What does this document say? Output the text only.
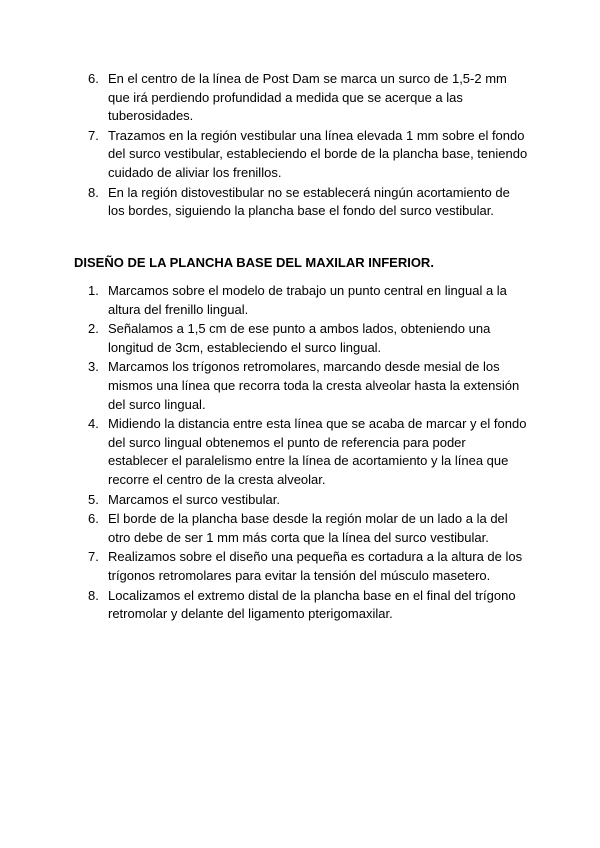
6. En el centro de la línea de Post Dam se marca un surco de 1,5-2 mm que irá perdiendo profundidad a medida que se acerque a las tuberosidades.
7. Trazamos en la región vestibular una línea elevada 1 mm sobre el fondo del surco vestibular, estableciendo el borde de la plancha base, teniendo cuidado de aliviar los frenillos.
8. En la región distovestibular no se establecerá ningún acortamiento de los bordes, siguiendo la plancha base el fondo del surco vestibular.
DISEÑO DE LA PLANCHA BASE DEL MAXILAR INFERIOR.
1. Marcamos sobre el modelo de trabajo un punto central en lingual a la altura del frenillo lingual.
2. Señalamos a 1,5 cm de ese punto a ambos lados, obteniendo una longitud de 3cm, estableciendo el surco lingual.
3. Marcamos los trígonos retromolares, marcando desde mesial de los mismos una línea que recorra toda la cresta alveolar hasta la extensión del surco lingual.
4. Midiendo la distancia entre esta línea que se acaba de marcar y el fondo del surco lingual obtenemos el punto de referencia para poder establecer el paralelismo entre la línea de acortamiento y la línea que recorre el centro de la cresta alveolar.
5. Marcamos el surco vestibular.
6. El borde de la plancha base desde la región molar de un lado a la del otro debe de ser 1 mm más corta que la línea del surco vestibular.
7. Realizamos sobre el diseño una pequeña es cortadura a la altura de los trígonos retromolares para evitar la tensión del músculo masetero.
8. Localizamos el extremo distal de la plancha base en el final del trígono retromolar y delante del ligamento pterigomaxilar.
